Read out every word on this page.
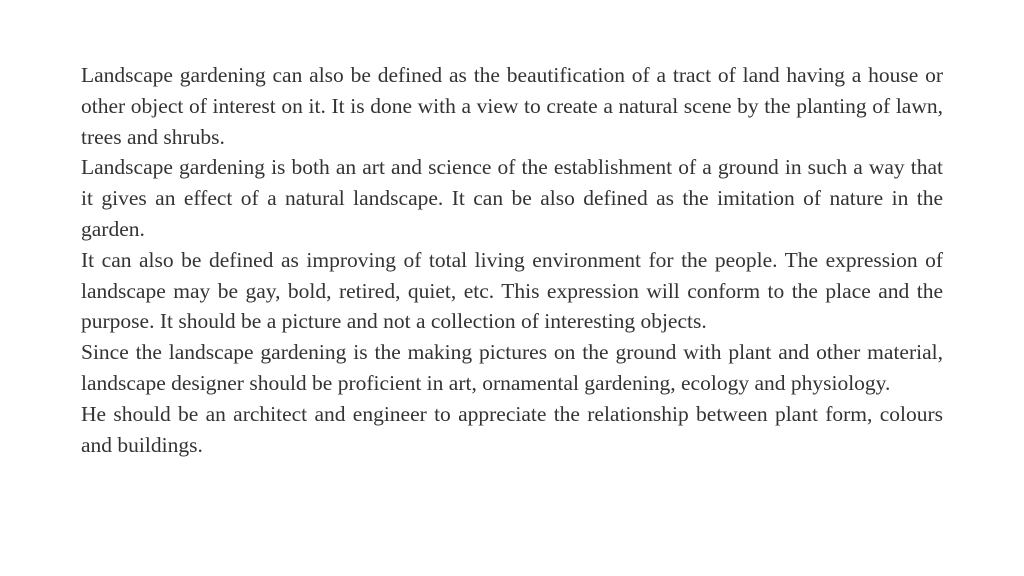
Landscape gardening can also be defined as the beautification of a tract of land having a house or other object of interest on it. It is done with a view to create a natural scene by the planting of lawn, trees and shrubs.

Landscape gardening is both an art and science of the establishment of a ground in such a way that it gives an effect of a natural landscape. It can be also defined as the imitation of nature in the garden.

It can also be defined as improving of total living environment for the people. The expression of landscape may be gay, bold, retired, quiet, etc. This expression will conform to the place and the purpose. It should be a picture and not a collection of interesting objects.

Since the landscape gardening is the making pictures on the ground with plant and other material, landscape designer should be proficient in art, ornamental gardening, ecology and physiology.

He should be an architect and engineer to appreciate the relationship between plant form, colours and buildings.
